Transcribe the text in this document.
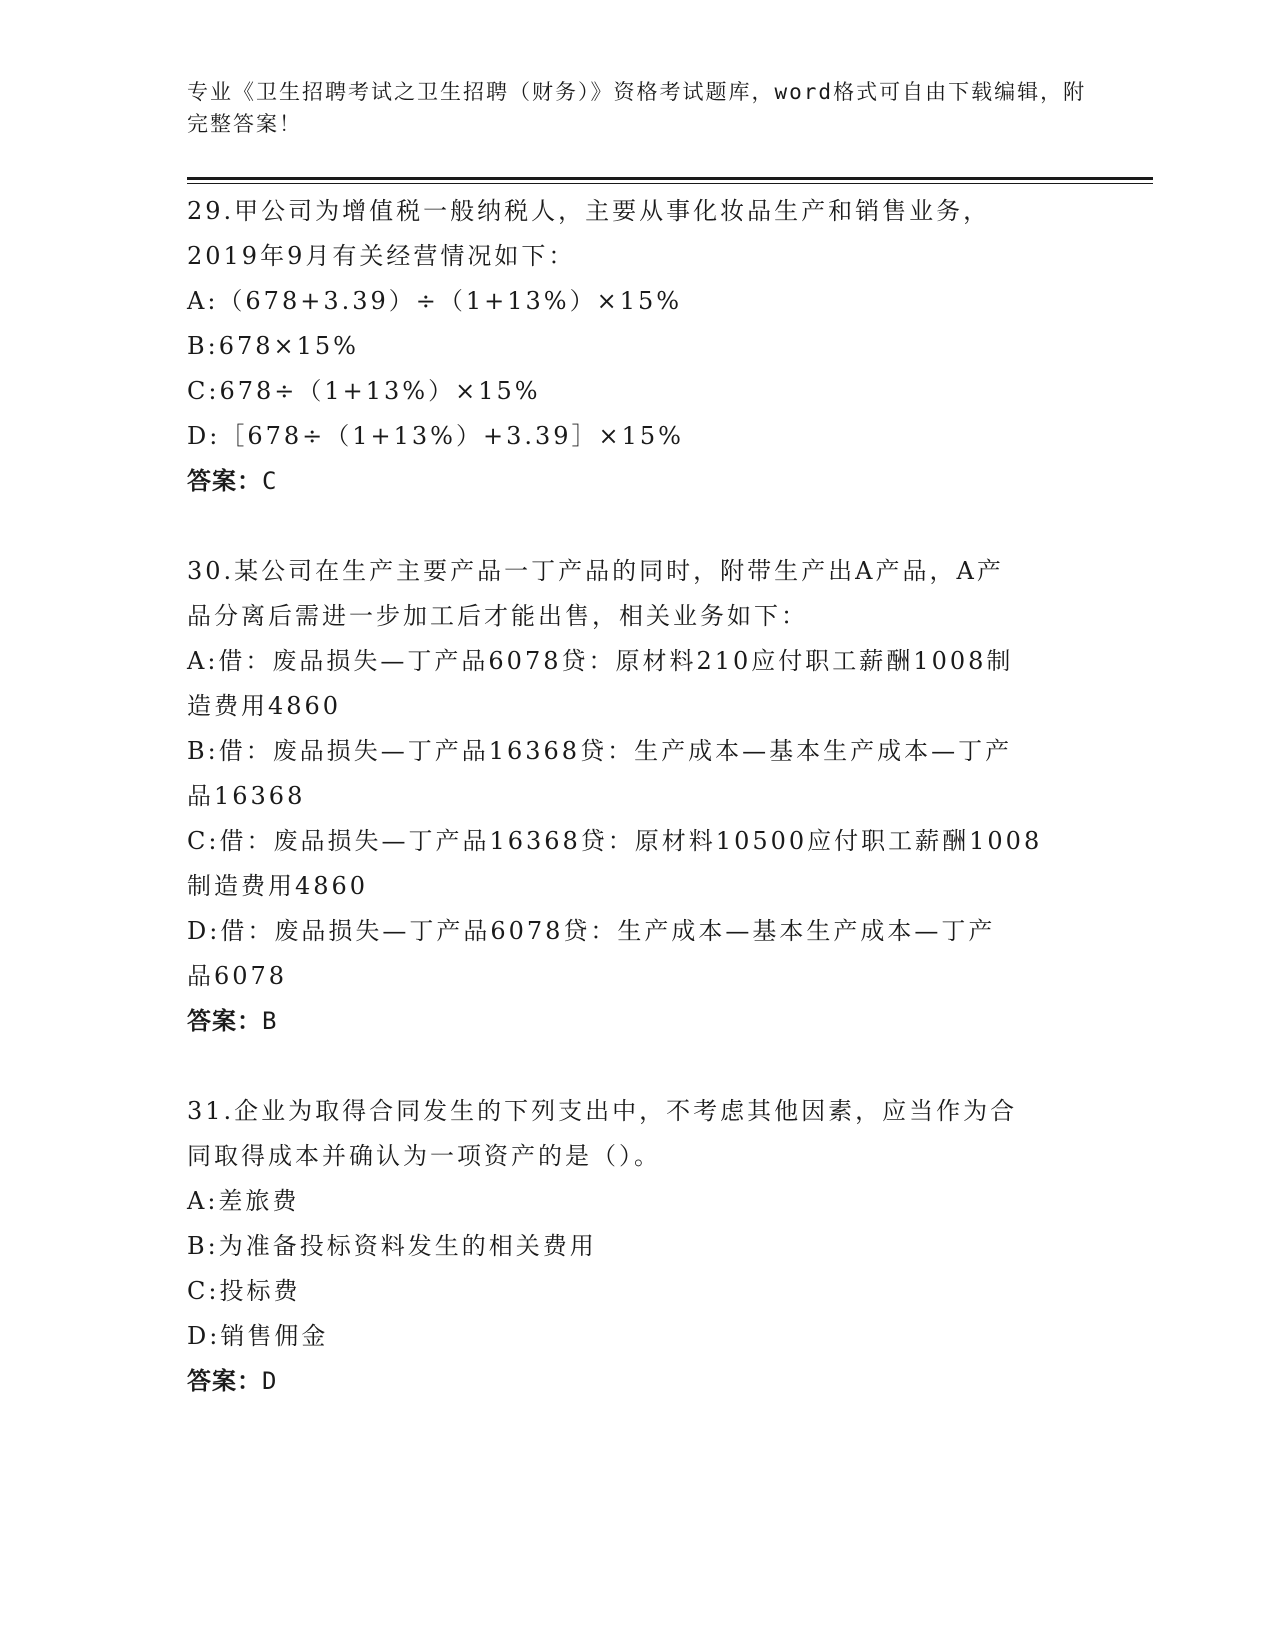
专业《卫生招聘考试之卫生招聘（财务）》资格考试题库，word格式可自由下载编辑，附完整答案！
29.甲公司为增值税一般纳税人，主要从事化妆品生产和销售业务，
2019年9月有关经营情况如下：
A:（678+3.39）÷（1+13%）×15%
B:678×15%
C:678÷（1+13%）×15%
D:［678÷（1+13%）+3.39］×15%
答案：C
30.某公司在生产主要产品一丁产品的同时，附带生产出A产品，A产
品分离后需进一步加工后才能出售，相关业务如下：
A:借：废品损失—丁产品6078贷：原材料210应付职工薪酬1008制
造费用4860
B:借：废品损失—丁产品16368贷：生产成本—基本生产成本—丁产
品16368
C:借：废品损失—丁产品16368贷：原材料10500应付职工薪酬1008
制造费用4860
D:借：废品损失—丁产品6078贷：生产成本—基本生产成本—丁产
品6078
答案：B
31.企业为取得合同发生的下列支出中，不考虑其他因素，应当作为合
同取得成本并确认为一项资产的是（）。
A:差旅费
B:为准备投标资料发生的相关费用
C:投标费
D:销售佣金
答案：D
